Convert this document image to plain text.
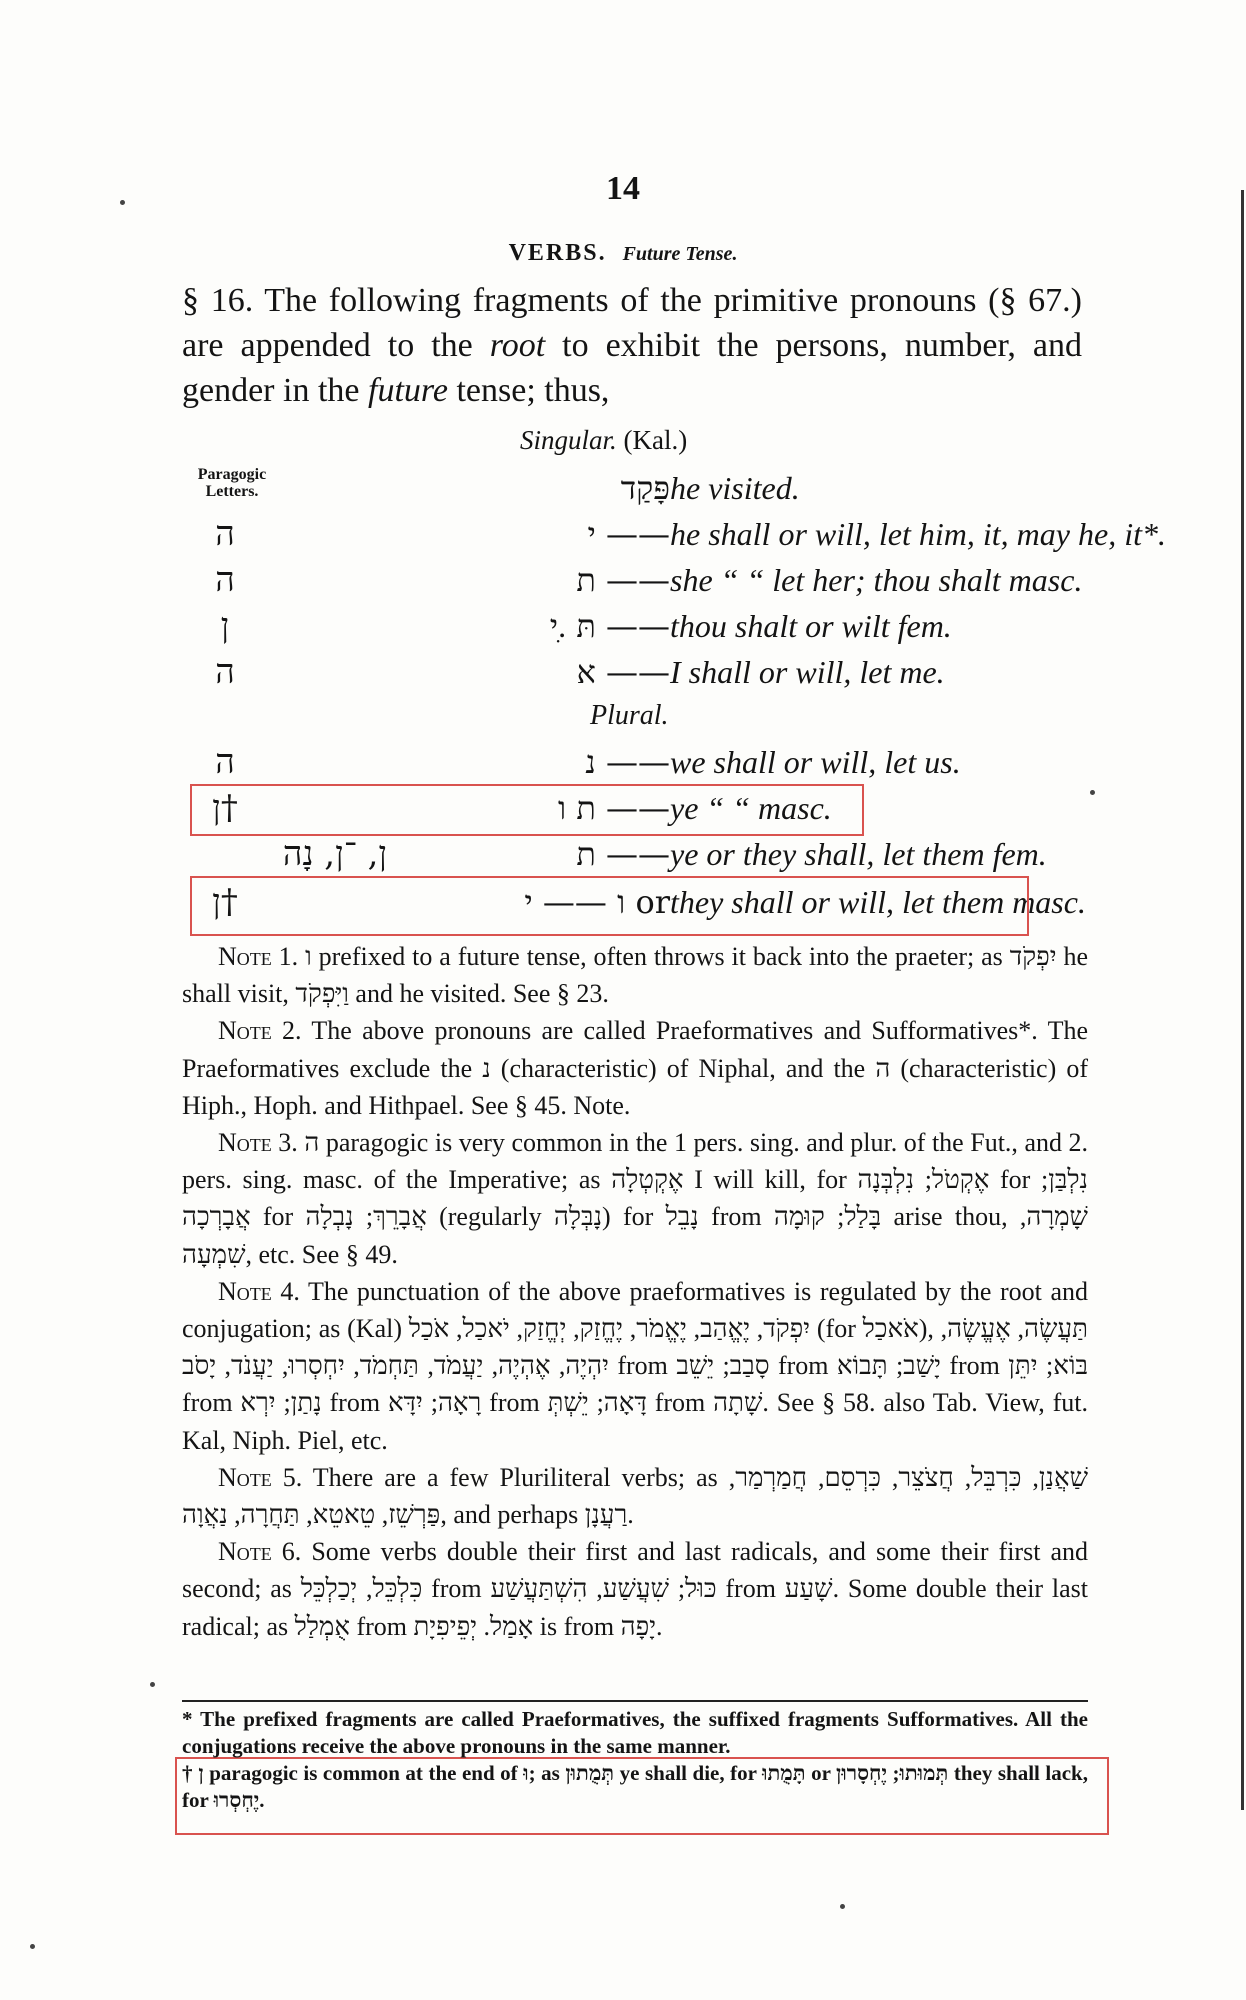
14
VERBS. Future Tense.
§ 16. The following fragments of the primitive pronouns (§ 67.) are appended to the root to exhibit the persons, number, and gender in the future tense; thus,
Singular. (Kal.)
Paragogic
Letters.	פָּקַד he visited.
ה	—— י he shall or will, let him, it, may he, it*.
ה	—— ת she “ “ let her; thou shalt masc.
ן	—— תּ .ִי thou shalt or wilt fem.
ה	—— א I shall or will, let me.
Plural.
ה	—— נ we shall or will, let us.
†ן	—— ת ו ye “ “ masc.
ן, ־ן, נָה	—— ת ye or they shall, let them fem.
†ן	or ו —— י they shall or will, let them masc.

Note 1. ו prefixed to a future tense, often throws it back into the praeter; as יִפְקֹד he shall visit, וַיִּפְקֹד and he visited. See § 23.

Note 2. The above pronouns are called Praeformatives and Sufformatives*. The Praeformatives exclude the נ (characteristic) of Niphal, and the ה (characteristic) of Hiph., Hoph. and Hithpael. See § 45. Note.

Note 3. ה paragogic is very common in the 1 pers. sing. and plur. of the Fut., and 2. pers. sing. masc. of the Imperative; as אֶקְטְלָה I will kill, for אֶקְטֹל; נִלְבְּנָה for נִלְבַּן; אֲבָרְכָה for אֲבָרֵךְ; נָבְלָה (regularly נָבְּלָה) for נָבֵל from בָּלַל; קוּמָה arise thou, שָׁמְרָה, שִׁמְעָה, etc. See § 49.

Note 4. The punctuation of the above praeformatives is regulated by the root and conjugation; as (Kal) יִפְקֹד, יֶאֱהַב, יֶאֱמֹר, יֶחֱזַק, יְחֱזַק, יֹאכַל, אֹכַל (for אֹאכַל), תַּעֲשֶׂה, אֶעֱשֶׂה, יִהְיֶה, אֶהְיֶה, יַעֲמֹד, תַּחְמֹד, יִחְסְרוּ, יַעֲנֹד, יָסֹב from סָבַב; יֵשֵׁב from יָשַׁב; תָּבוֹא from בּוֹא; יִתֵּן from נָתַן; יִרְא from רָאָה; יִדָּא from דָּאָה; יֵשְׁתְּ from שָׁתָה. See § 58. also Tab. View, fut. Kal, Niph. Piel, etc.

Note 5. There are a few Pluriliteral verbs; as שַׁאֲנַן, כִּרְבֵּל, חֲצֹצֵר, כִּרְסֵם, חֲמַרְמַר, פַּרְשֵׁז, טֵאטֵא, תַּחֲרָה, נַאֲוָה, and perhaps רַעֲנָן.

Note 6. Some verbs double their first and last radicals, and some their first and second; as כִּלְכֵּל, יְכַלְכֵּל from כּוּל; שִׁעֲשַׁע, הִשְׁתַּעֲשַׁע from שָׁעַע. Some double their last radical; as אֻמְלַל from אָמַל. יְפֵיפִיָת is from יָפָה.

* The prefixed fragments are called Praeformatives, the suffixed fragments Sufformatives. All the conjugations receive the above pronouns in the same manner.
† ן paragogic is common at the end of וּ; as תְּמֻתוּן ye shall die, for תָּמֻתוּ or תְּמוּתוּ; יֶחְסָרוּן they shall lack, for יֶחְסְרוּ.
